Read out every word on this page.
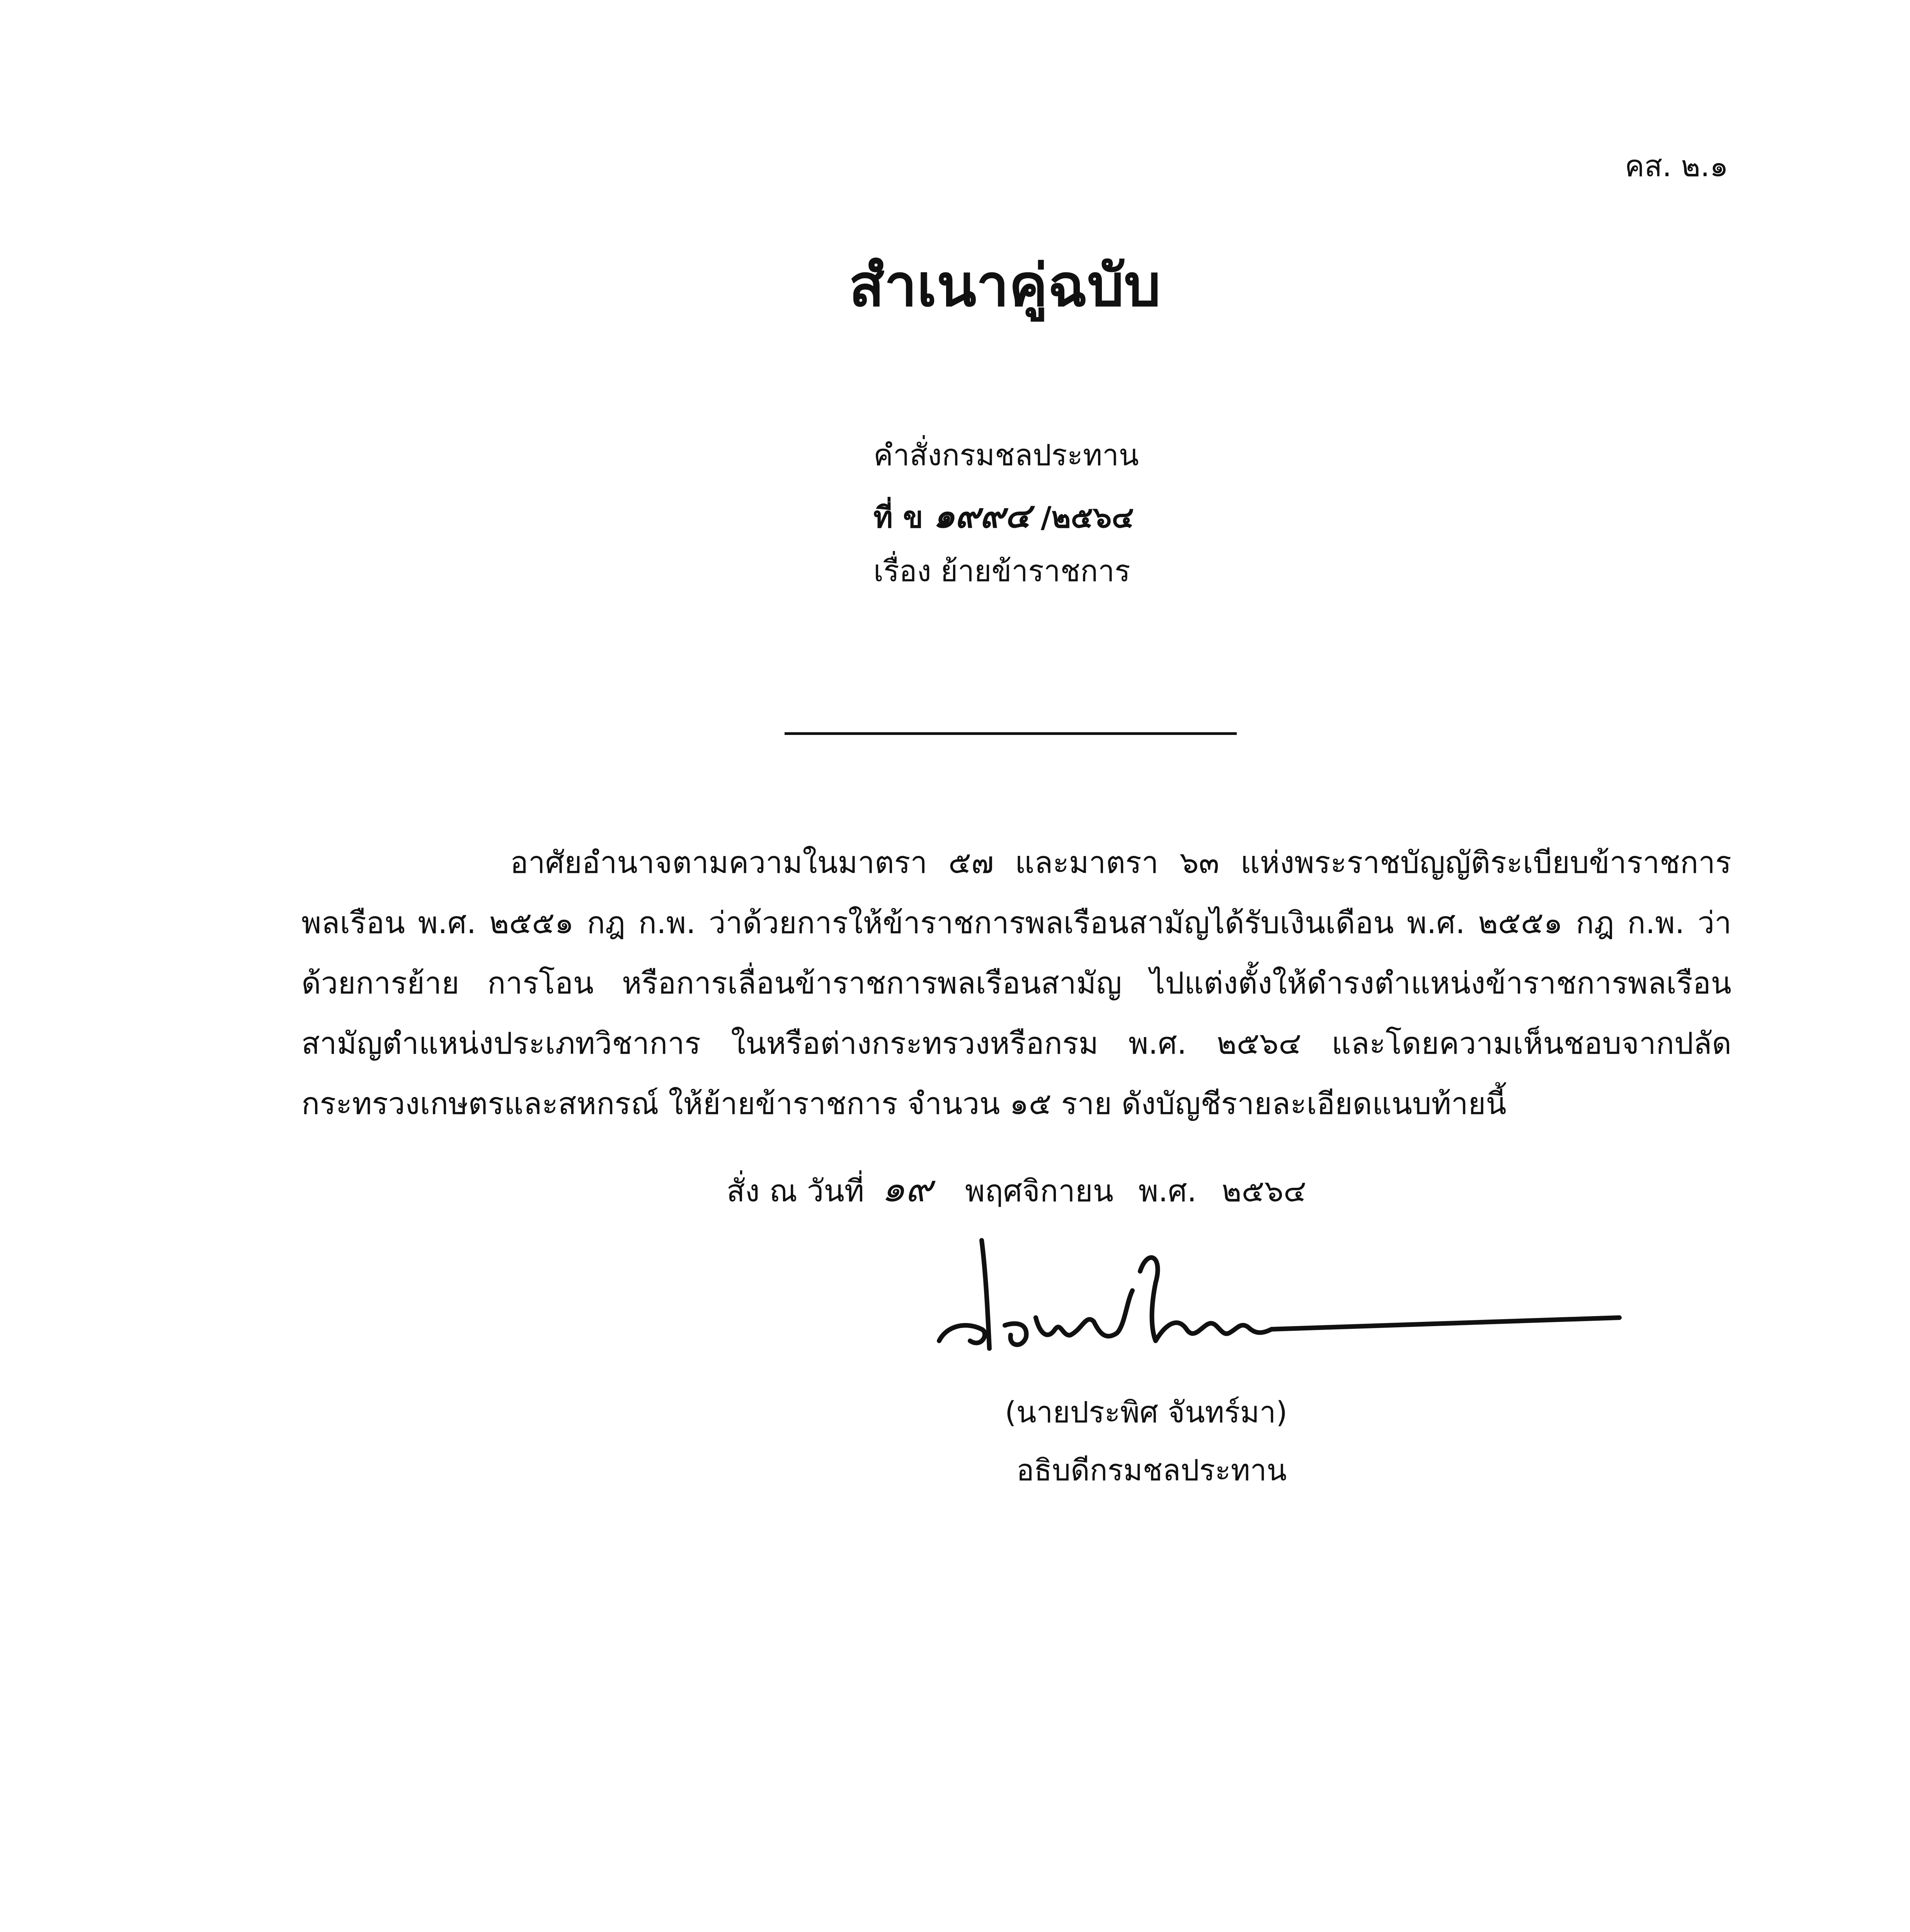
คส. ๒.๑
สำเนาคู่ฉบับ
คำสั่งกรมชลประทาน
ที่ ข ๑๙๙๔ /๒๕๖๔
เรื่อง ย้ายข้าราชการ

อาศัยอำนาจตามความในมาตรา ๕๗ และมาตรา ๖๓ แห่งพระราชบัญญัติระเบียบข้าราชการพลเรือน พ.ศ. ๒๕๕๑ กฎ ก.พ. ว่าด้วยการให้ข้าราชการพลเรือนสามัญได้รับเงินเดือน พ.ศ. ๒๕๕๑ กฎ ก.พ. ว่าด้วยการย้าย การโอน หรือการเลื่อนข้าราชการพลเรือนสามัญ ไปแต่งตั้งให้ดำรงตำแหน่งข้าราชการพลเรือนสามัญตำแหน่งประเภทวิชาการ ในหรือต่างกระทรวงหรือกรม พ.ศ. ๒๕๖๔ และโดยความเห็นชอบจากปลัดกระทรวงเกษตรและสหกรณ์ ให้ย้ายข้าราชการ จำนวน ๑๕ ราย ดังบัญชีรายละเอียดแนบท้ายนี้

สั่ง ณ วันที่ ๑๙ พฤศจิกายน พ.ศ. ๒๕๖๔
(นายประพิศ จันทร์มา)
อธิบดีกรมชลประทาน
